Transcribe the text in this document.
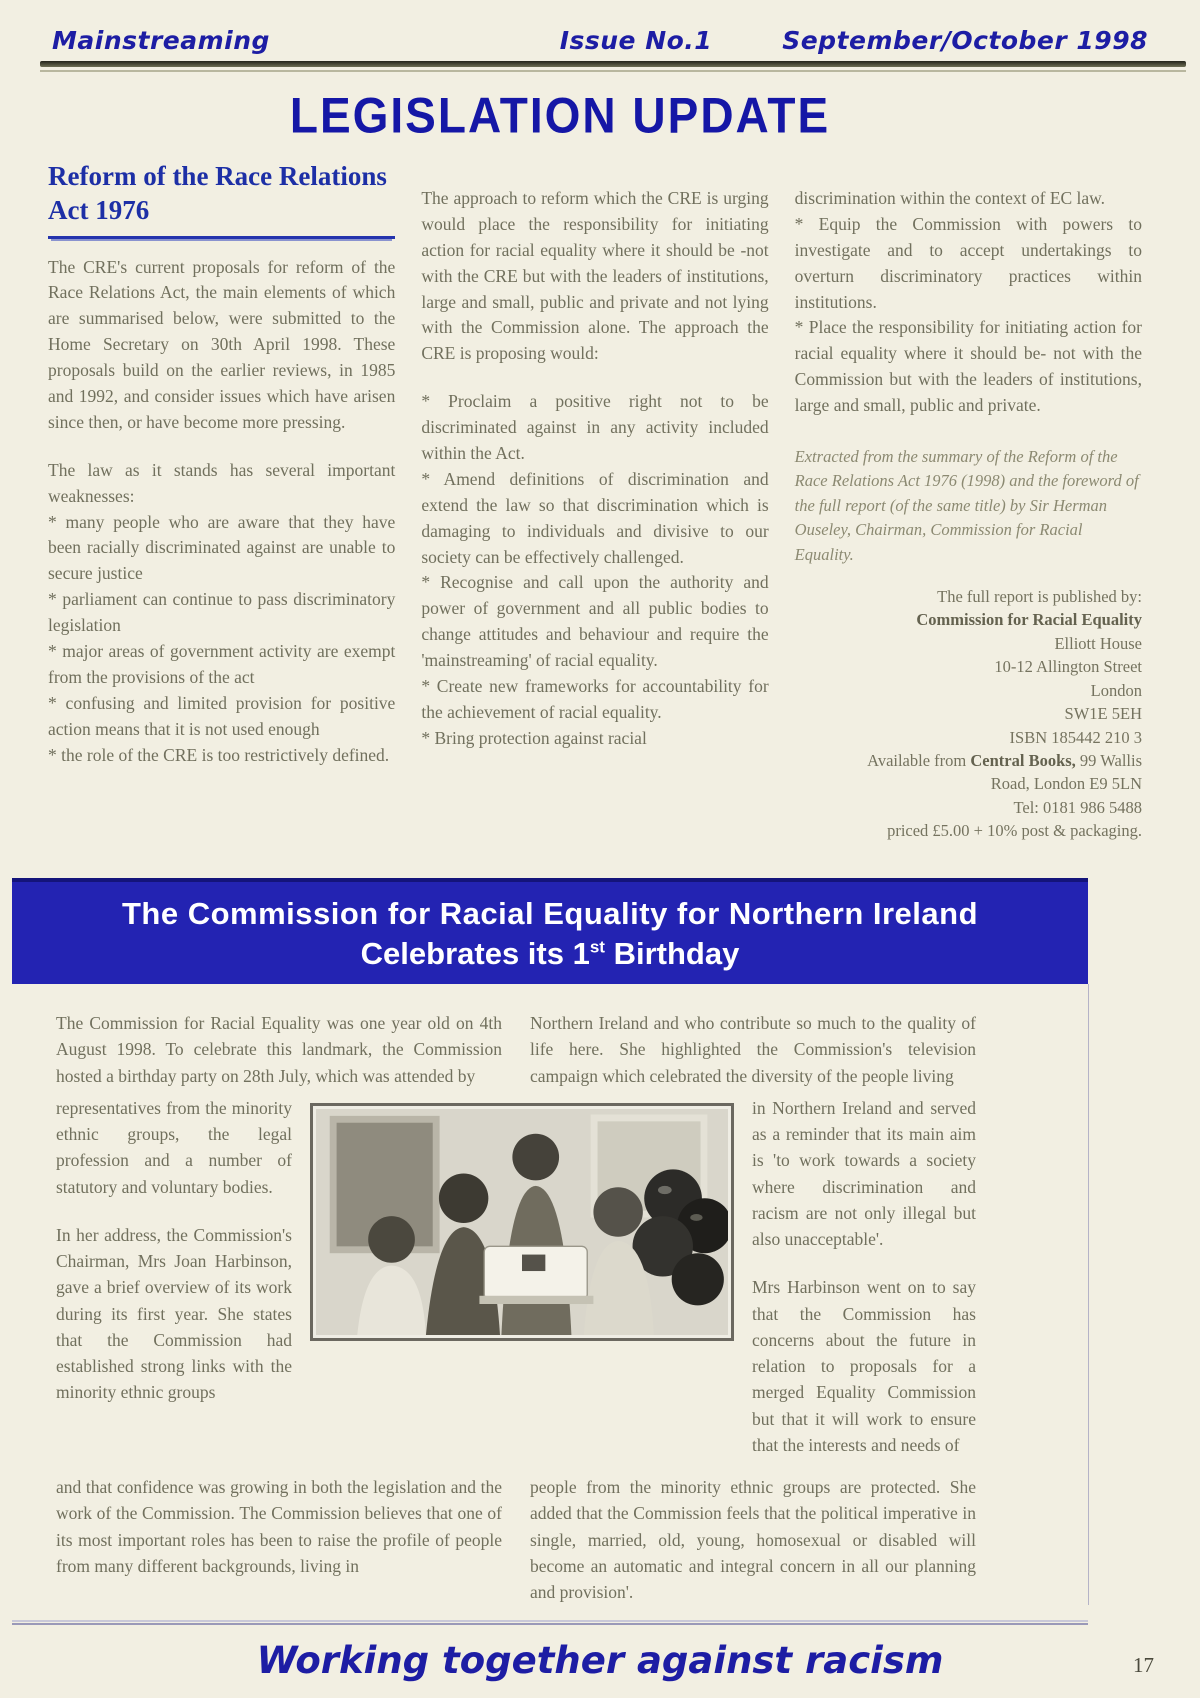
Mainstreaming	Issue No.1	September/October 1998
LEGISLATION UPDATE
Reform of the Race Relations Act 1976

The CRE's current proposals for reform of the Race Relations Act, the main elements of which are summarised below, were submitted to the Home Secretary on 30th April 1998. These proposals build on the earlier reviews, in 1985 and 1992, and consider issues which have arisen since then, or have become more pressing.

The law as it stands has several important weaknesses:

* many people who are aware that they have been racially discriminated against are unable to secure justice

* parliament can continue to pass discriminatory legislation

* major areas of government activity are exempt from the provisions of the act

* confusing and limited provision for positive action means that it is not used enough

* the role of the CRE is too restrictively defined.

The approach to reform which the CRE is urging would place the responsibility for initiating action for racial equality where it should be -not with the CRE but with the leaders of institutions, large and small, public and private and not lying with the Commission alone. The approach the CRE is proposing would:

* Proclaim a positive right not to be discriminated against in any activity included within the Act.

* Amend definitions of discrimination and extend the law so that discrimination which is damaging to individuals and divisive to our society can be effectively challenged.

* Recognise and call upon the authority and power of government and all public bodies to change attitudes and behaviour and require the 'mainstreaming' of racial equality.

* Create new frameworks for accountability for the achievement of racial equality.

* Bring protection against racial

discrimination within the context of EC law.

* Equip the Commission with powers to investigate and to accept undertakings to overturn discriminatory practices within institutions.

* Place the responsibility for initiating action for racial equality where it should be- not with the Commission but with the leaders of institutions, large and small, public and private.

Extracted from the summary of the Reform of the Race Relations Act 1976 (1998) and the foreword of the full report (of the same title) by Sir Herman Ouseley, Chairman, Commission for Racial Equality.

The full report is published by:
Commission for Racial Equality
Elliott House
10-12 Allington Street
London
SW1E 5EH
ISBN 185442 210 3
Available from Central Books, 99 Wallis
Road, London E9 5LN
Tel: 0181 986 5488
priced £5.00 + 10% post & packaging.
The Commission for Racial Equality for Northern Ireland
Celebrates its 1st Birthday

The Commission for Racial Equality was one year old on 4th August 1998. To celebrate this landmark, the Commission hosted a birthday party on 28th July, which was attended by

Northern Ireland and who contribute so much to the quality of life here. She highlighted the Commission's television campaign which celebrated the diversity of the people living

representatives from the minority ethnic groups, the legal profession and a number of statutory and voluntary bodies.

In her address, the Commission's Chairman, Mrs Joan Harbinson, gave a brief overview of its work during its first year. She states that the Commission had established strong links with the minority ethnic groups

in Northern Ireland and served as a reminder that its main aim is 'to work towards a society where discrimination and racism are not only illegal but also unacceptable'.

Mrs Harbinson went on to say that the Commission has concerns about the future in relation to proposals for a merged Equality Commission but that it will work to ensure that the interests and needs of

and that confidence was growing in both the legislation and the work of the Commission. The Commission believes that one of its most important roles has been to raise the profile of people from many different backgrounds, living in

people from the minority ethnic groups are protected. She added that the Commission feels that the political imperative in single, married, old, young, homosexual or disabled will become an automatic and integral concern in all our planning and provision'.

Working together against racism	17
